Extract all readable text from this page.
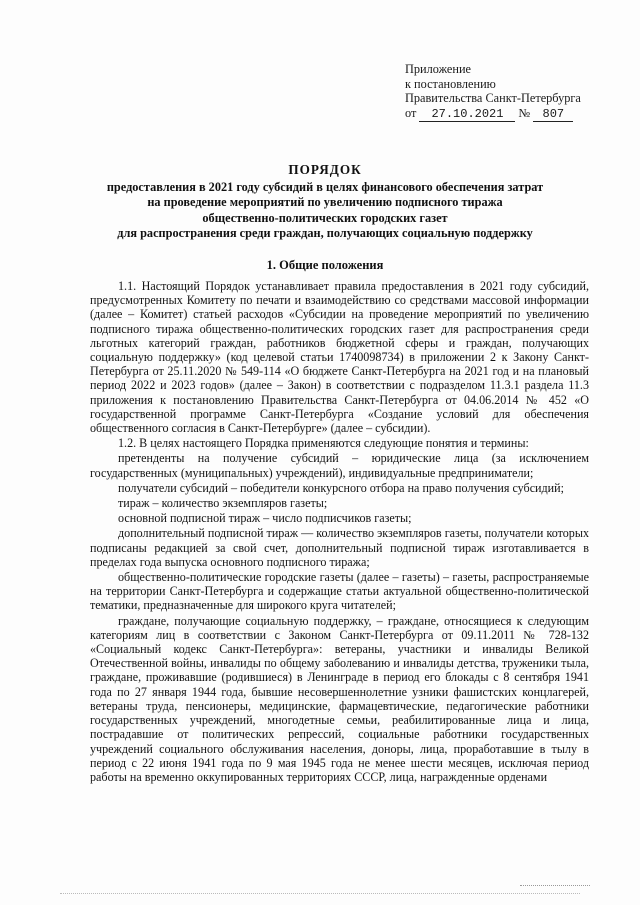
Приложение
к постановлению
Правительства Санкт-Петербурга
от 27.10.2021 № 807
ПОРЯДОК
предоставления в 2021 году субсидий в целях финансового обеспечения затрат
на проведение мероприятий по увеличению подписного тиража
общественно-политических городских газет
для распространения среди граждан, получающих социальную поддержку
1. Общие положения

1.1. Настоящий Порядок устанавливает правила предоставления в 2021 году субсидий, предусмотренных Комитету по печати и взаимодействию со средствами массовой информации (далее – Комитет) статьей расходов «Субсидии на проведение мероприятий по увеличению подписного тиража общественно-политических городских газет для распространения среди льготных категорий граждан, работников бюджетной сферы и граждан, получающих социальную поддержку» (код целевой статьи 1740098734) в приложении 2 к Закону Санкт-Петербурга от 25.11.2020 № 549-114 «О бюджете Санкт-Петербурга на 2021 год и на плановый период 2022 и 2023 годов» (далее – Закон) в соответствии с подразделом 11.3.1 раздела 11.3 приложения к постановлению Правительства Санкт-Петербурга от 04.06.2014 № 452 «О государственной программе Санкт-Петербурга «Создание условий для обеспечения общественного согласия в Санкт-Петербурге» (далее – субсидии).

1.2. В целях настоящего Порядка применяются следующие понятия и термины:

претенденты на получение субсидий – юридические лица (за исключением государственных (муниципальных) учреждений), индивидуальные предприниматели;

получатели субсидий – победители конкурсного отбора на право получения субсидий;

тираж – количество экземпляров газеты;

основной подписной тираж – число подписчиков газеты;

дополнительный подписной тираж — количество экземпляров газеты, получатели которых подписаны редакцией за свой счет, дополнительный подписной тираж изготавливается в пределах года выпуска основного подписного тиража;

общественно-политические городские газеты (далее – газеты) – газеты, распространяемые на территории Санкт-Петербурга и содержащие статьи актуальной общественно-политической тематики, предназначенные для широкого круга читателей;

граждане, получающие социальную поддержку, – граждане, относящиеся к следующим категориям лиц в соответствии с Законом Санкт-Петербурга от 09.11.2011 № 728-132 «Социальный кодекс Санкт-Петербурга»: ветераны, участники и инвалиды Великой Отечественной войны, инвалиды по общему заболеванию и инвалиды детства, труженики тыла, граждане, проживавшие (родившиеся) в Ленинграде в период его блокады с 8 сентября 1941 года по 27 января 1944 года, бывшие несовершеннолетние узники фашистских концлагерей, ветераны труда, пенсионеры, медицинские, фармацевтические, педагогические работники государственных учреждений, многодетные семьи, реабилитированные лица и лица, пострадавшие от политических репрессий, социальные работники государственных учреждений социального обслуживания населения, доноры, лица, проработавшие в тылу в период с 22 июня 1941 года по 9 мая 1945 года не менее шести месяцев, исключая период работы на временно оккупированных территориях СССР, лица, награжденные орденами
